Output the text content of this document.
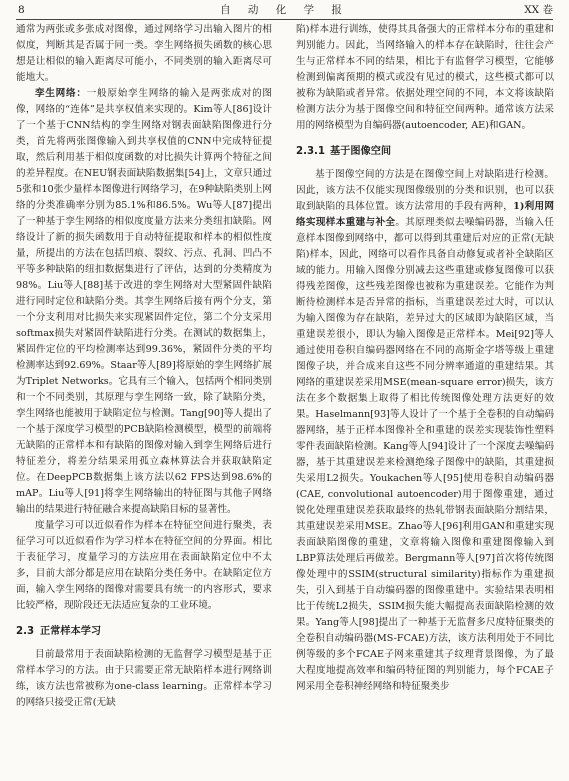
8	自 动 化 学 报	XX 卷

通常为两张或多张成对图像，通过网络学习出输入图片的相似度，判断其是否属于同一类。孪生网络损失函数的核心思想是让相似的输入距离尽可能小，不同类别的输入距离尽可能地大。

孪生网络：一般原始孪生网络的输入是两张成对的图像，网络的“连体”是共享权值来实现的。Kim等人[86]设计了一个基于CNN结构的孪生网络对钢表面缺陷图像进行分类，首先将两张图像输入到共享权值的CNN中完成特征提取，然后利用基于相似度函数的对比损失计算两个特征之间的差异程度。在NEU钢表面缺陷数据集[54]上，文章只通过5张和10张少量样本图像进行网络学习，在9种缺陷类别上网络的分类准确率分别为85.1%和86.5%。Wu等人[87]提出了一种基于孪生网络的相似度度量方法来分类纽扣缺陷。网络设计了新的损失函数用于自动特征提取和样本的相似性度量，所提出的方法在包括凹痕、裂纹、污点、孔洞、凹凸不平等多种缺陷的纽扣数据集进行了评估，达到的分类精度为98%。Liu等人[88]基于改进的孪生网络对大型紧固件缺陷进行同时定位和缺陷分类。其孪生网络后接有两个分支，第一个分支利用对比损失来实现紧固件定位，第二个分支采用softmax损失对紧固件缺陷进行分类。在测试的数据集上，紧固件定位的平均检测率达到99.36%，紧固件分类的平均检测率达到92.69%。Staar等人[89]将原始的孪生网络扩展为Triplet Networks。它具有三个输入，包括两个相同类别和一个不同类别，其原理与孪生网络一致，除了缺陷分类，孪生网络也能被用于缺陷定位与检测。Tang[90]等人提出了一个基于深度学习模型的PCB缺陷检测模型，模型的前端将无缺陷的正常样本和有缺陷的图像对输入到孪生网络后进行特征差分，将差分结果采用孤立森林算法合并获取缺陷定位。在DeepPCB数据集上该方法以62 FPS达到98.6%的mAP。Liu等人[91]将孪生网络输出的特征图与其他子网络输出的结果进行特征融合来提高缺陷目标的显著性。

度量学习可以近似看作为样本在特征空间进行聚类，表征学习可以近似看作为学习样本在特征空间的分界面。相比于表征学习，度量学习的方法应用在表面缺陷定位中不太多，目前大部分都是应用在缺陷分类任务中。在缺陷定位方面，输入孪生网络的图像对需要具有统一的内容形式，要求比较严格，现阶段还无法适应复杂的工业环境。

2.3 正常样本学习

目前最常用于表面缺陷检测的无监督学习模型是基于正常样本学习的方法。由于只需要正常无缺陷样本进行网络训练，该方法也常被称为one-class learning。正常样本学习的网络只接受正常(无缺

陷)样本进行训练，使得其具备强大的正常样本分布的重建和判别能力。因此，当网络输入的样本存在缺陷时，往往会产生与正常样本不同的结果，相比于有监督学习模型，它能够检测到偏离预期的模式或没有见过的模式，这些模式都可以被称为缺陷或者异常。依据处理空间的不同，本文将该缺陷检测方法分为基于图像空间和特征空间两种。通常该方法采用的网络模型为自编码器(autoencoder, AE)和GAN。

2.3.1 基于图像空间

基于图像空间的方法是在图像空间上对缺陷进行检测。因此，该方法不仅能实现图像级别的分类和识别，也可以获取到缺陷的具体位置。该方法常用的手段有两种，1)利用网络实现样本重建与补全。其原理类似去噪编码器，当输入任意样本图像到网络中，都可以得到其重建后对应的正常(无缺陷)样本，因此，网络可以看作具备自动修复或者补全缺陷区域的能力。用输入图像分别减去这些重建或修复图像可以获得残差图像，这些残差图像也被称为重建误差。它能作为判断待检测样本是否异常的指标，当重建误差过大时，可以认为输入图像为存在缺陷，差异过大的区域即为缺陷区域，当重建误差很小，即认为输入图像是正常样本。Mei[92]等人通过使用卷积自编码器网络在不同的高斯金字塔等级上重建图像子块，并合成来自这些不同分辨率通道的重建结果。其网络的重建误差采用MSE(mean-square error)损失，该方法在多个数据集上取得了相比传统图像处理方法更好的效果。Haselmann[93]等人设计了一个基于全卷积的自动编码器网络，基于正样本图像补全和重建的误差实现装饰性塑料零件表面缺陷检测。Kang等人[94]设计了一个深度去噪编码器，基于其重建误差来检测绝缘子图像中的缺陷，其重建损失采用L2损失。Youkachen等人[95]使用卷积自动编码器(CAE, convolutional autoencoder)用于图像重建，通过锐化处理重建误差获取最终的热轧带钢表面缺陷分割结果，其重建误差采用MSE。Zhao等人[96]利用GAN和重建实现表面缺陷图像的重建，文章将输入图像和重建图像输入到LBP算法处理后再做差。Bergmann等人[97]首次将传统图像处理中的SSIM(structural similarity)指标作为重建损失，引入到基于自动编码器的图像重建中。实验结果表明相比于传统L2损失，SSIM损失能大幅提高表面缺陷检测的效果。Yang等人[98]提出了一种基于无监督多尺度特征聚类的全卷积自动编码器(MS-FCAE)方法，该方法利用处于不同比例等级的多个FCAE子网来重建其子纹理背景图像，为了最大程度地提高效率和编码特征图的判别能力，每个FCAE子网采用全卷积神经网络和特征聚类步
